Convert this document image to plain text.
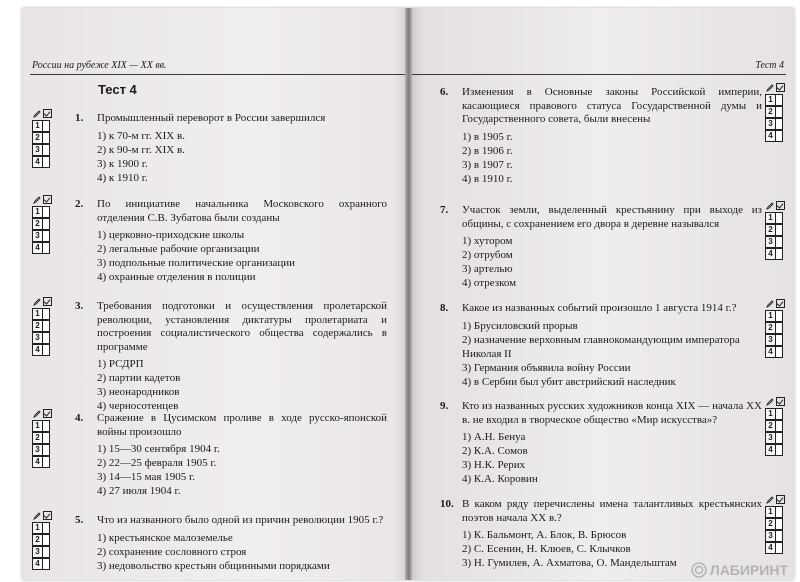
России на рубеже XIX — XX вв.
Тест 4
1
2
3
4
1.	Промышленный переворот в России завершился
1) к 70-м гг. XIX в.
2) к 90-м гг. XIX в.
3) к 1900 г.
4) к 1910 г.
1
2
3
4
2.	По инициативе начальника Московского охранного отделения С.В. Зубатова были созданы
1) церковно-приходские школы
2) легальные рабочие организации
3) подпольные политические организации
4) охранные отделения в полиции
1
2
3
4
3.	Требования подготовки и осуществления пролетарской революции, установления диктатуры пролетариата и построения социалистического общества содержались в программе
1) РСДРП
2) партии кадетов
3) неонародников
4) черносотенцев
1
2
3
4
4.	Сражение в Цусимском проливе в ходе русско-японской войны произошло
1) 15—30 сентября 1904 г.
2) 22—25 февраля 1905 г.
3) 14—15 мая 1905 г.
4) 27 июля 1904 г.
1
2
3
4
5.	Что из названного было одной из причин революции 1905 г.?
1) крестьянское малоземелье
2) сохранение сословного строя
3) недовольство крестьян общинными порядками
Тест 4
1
2
3
4
6.	Изменения в Основные законы Российской империи, касающиеся правового статуса Государственной думы и Государственного совета, были внесены
1) в 1905 г.
2) в 1906 г.
3) в 1907 г.
4) в 1910 г.
1
2
3
4
7.	Участок земли, выделенный крестьянину при выходе из общины, с сохранением его двора в деревне назывался
1) хутором
2) отрубом
3) артелью
4) отрезком
1
2
3
4
8.	Какое из названных событий произошло 1 августа 1914 г.?
1) Брусиловский прорыв
2) назначение верховным главнокомандующим императора Николая II
3) Германия объявила войну России
4) в Сербии был убит австрийский наследник
1
2
3
4
9.	Кто из названных русских художников конца XIX — начала XX в. не входил в творческое общество «Мир искусства»?
1) А.Н. Бенуа
2) К.А. Сомов
3) Н.К. Рерих
4) К.А. Коровин
1
2
3
4
10. В каком ряду перечислены имена талантливых крестьянских поэтов начала XX в.?
1) К. Бальмонт, А. Блок, В. Брюсов
2) С. Есенин, Н. Клюев, С. Клычков
3) Н. Гумилев, А. Ахматова, О. Мандельштам	ЛАБИРИНТ
